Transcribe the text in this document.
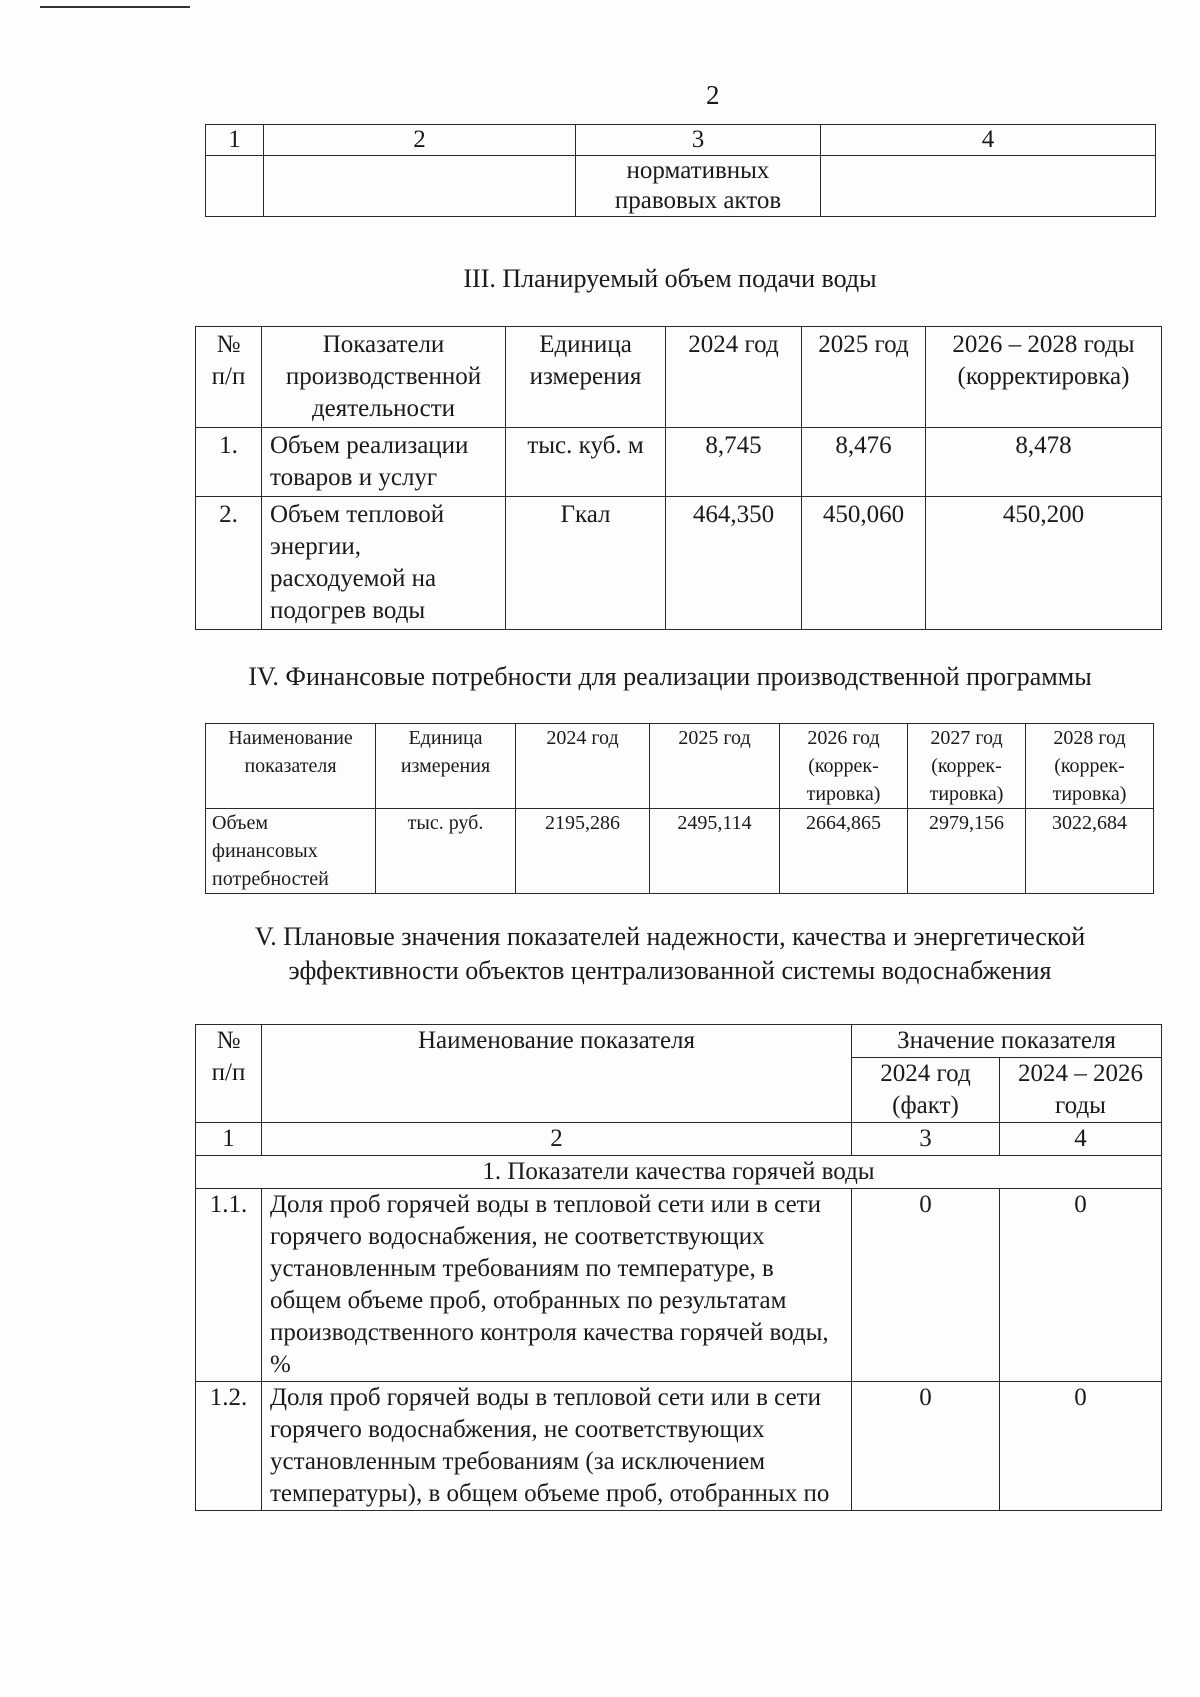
2
1	2	3	4
		нормативных правовых актов	
III. Планируемый объем подачи воды
№ п/п	Показатели производственной деятельности	Единица измерения	2024 год	2025 год	2026 – 2028 годы (корректировка)
1.	Объем реализации товаров и услуг	тыс. куб. м	8,745	8,476	8,478
2.	Объем тепловой энергии, расходуемой на подогрев воды	Гкал	464,350	450,060	450,200
IV. Финансовые потребности для реализации производственной программы
Наименование показателя	Единица измерения	2024 год	2025 год	2026 год (коррек-тировка)	2027 год (коррек-тировка)	2028 год (коррек-тировка)
Объем финансовых потребностей	тыс. руб.	2195,286	2495,114	2664,865	2979,156	3022,684
V. Плановые значения показателей надежности, качества и энергетической эффективности объектов централизованной системы водоснабжения
№ п/п	Наименование показателя	Значение показателя	
		2024 год (факт)	2024 – 2026 годы
1	2	3	4
1. Показатели качества горячей воды			
1.1.	Доля проб горячей воды в тепловой сети или в сети горячего водоснабжения, не соответствующих установленным требованиям по температуре, в общем объеме проб, отобранных по результатам производственного контроля качества горячей воды, %	0	0
1.2.	Доля проб горячей воды в тепловой сети или в сети горячего водоснабжения, не соответствующих установленным требованиям (за исключением температуры), в общем объеме проб, отобранных по	0	0
